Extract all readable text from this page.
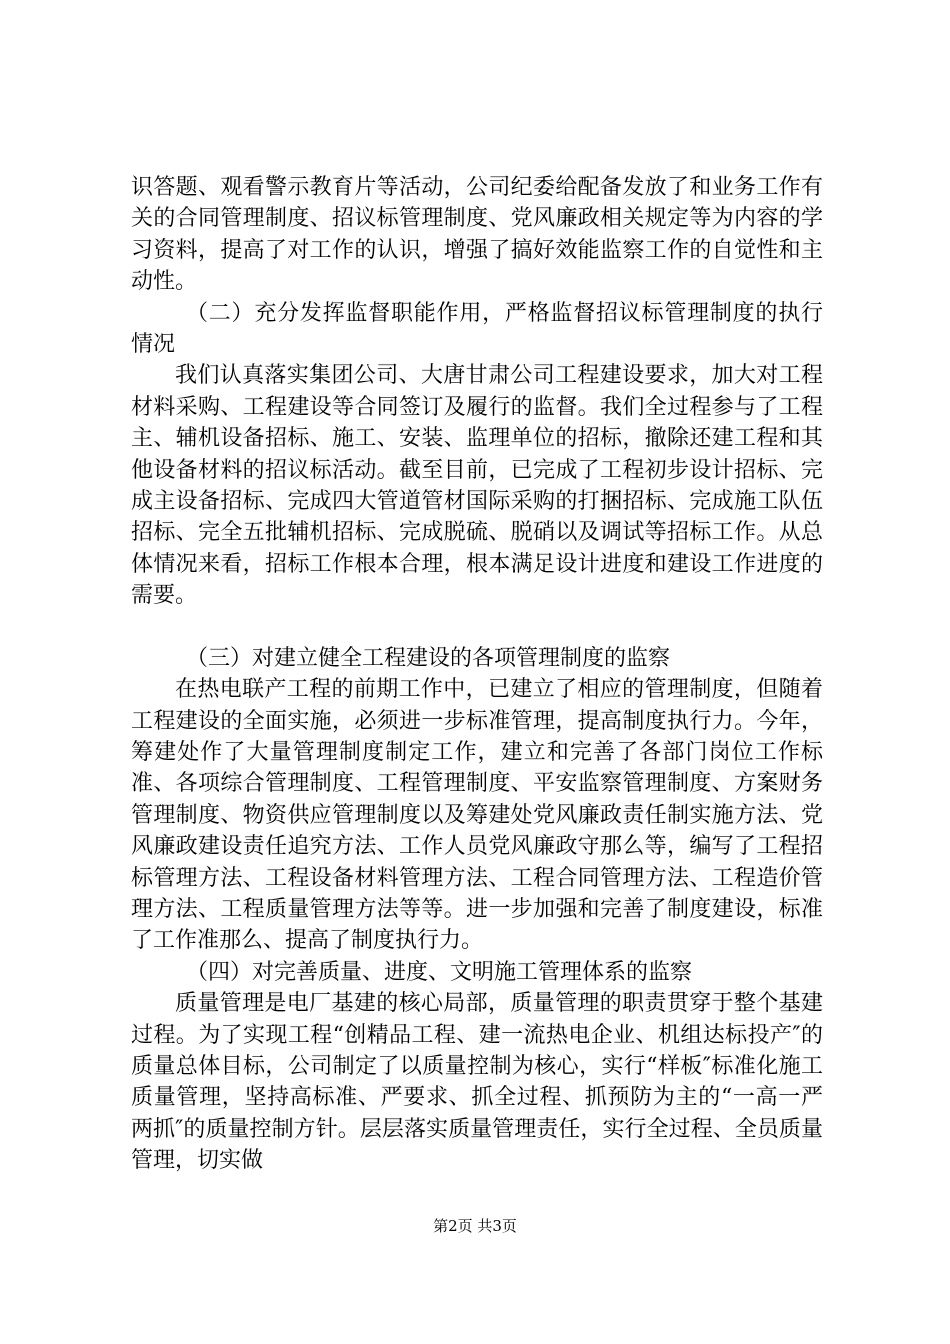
识答题、观看警示教育片等活动，公司纪委给配备发放了和业务工作有关的合同管理制度、招议标管理制度、党风廉政相关规定等为内容的学习资料，提高了对工作的认识，增强了搞好效能监察工作的自觉性和主动性。

（二）充分发挥监督职能作用，严格监督招议标管理制度的执行情况

我们认真落实集团公司、大唐甘肃公司工程建设要求，加大对工程材料采购、工程建设等合同签订及履行的监督。我们全过程参与了工程主、辅机设备招标、施工、安装、监理单位的招标，撤除还建工程和其他设备材料的招议标活动。截至目前，已完成了工程初步设计招标、完成主设备招标、完成四大管道管材国际采购的打捆招标、完成施工队伍招标、完全五批辅机招标、完成脱硫、脱硝以及调试等招标工作。从总体情况来看，招标工作根本合理，根本满足设计进度和建设工作进度的需要。

（三）对建立健全工程建设的各项管理制度的监察

在热电联产工程的前期工作中，已建立了相应的管理制度，但随着工程建设的全面实施，必须进一步标准管理，提高制度执行力。今年，筹建处作了大量管理制度制定工作，建立和完善了各部门岗位工作标准、各项综合管理制度、工程管理制度、平安监察管理制度、方案财务管理制度、物资供应管理制度以及筹建处党风廉政责任制实施方法、党风廉政建设责任追究方法、工作人员党风廉政守那么等，编写了工程招标管理方法、工程设备材料管理方法、工程合同管理方法、工程造价管理方法、工程质量管理方法等等。进一步加强和完善了制度建设，标准了工作准那么、提高了制度执行力。

（四）对完善质量、进度、文明施工管理体系的监察

质量管理是电厂基建的核心局部，质量管理的职责贯穿于整个基建过程。为了实现工程“创精品工程、建一流热电企业、机组达标投产″的质量总体目标，公司制定了以质量控制为核心，实行“样板″标准化施工质量管理，坚持高标准、严要求、抓全过程、抓预防为主的“一高一严两抓″的质量控制方针。层层落实质量管理责任，实行全过程、全员质量管理，切实做

第2页 共3页
